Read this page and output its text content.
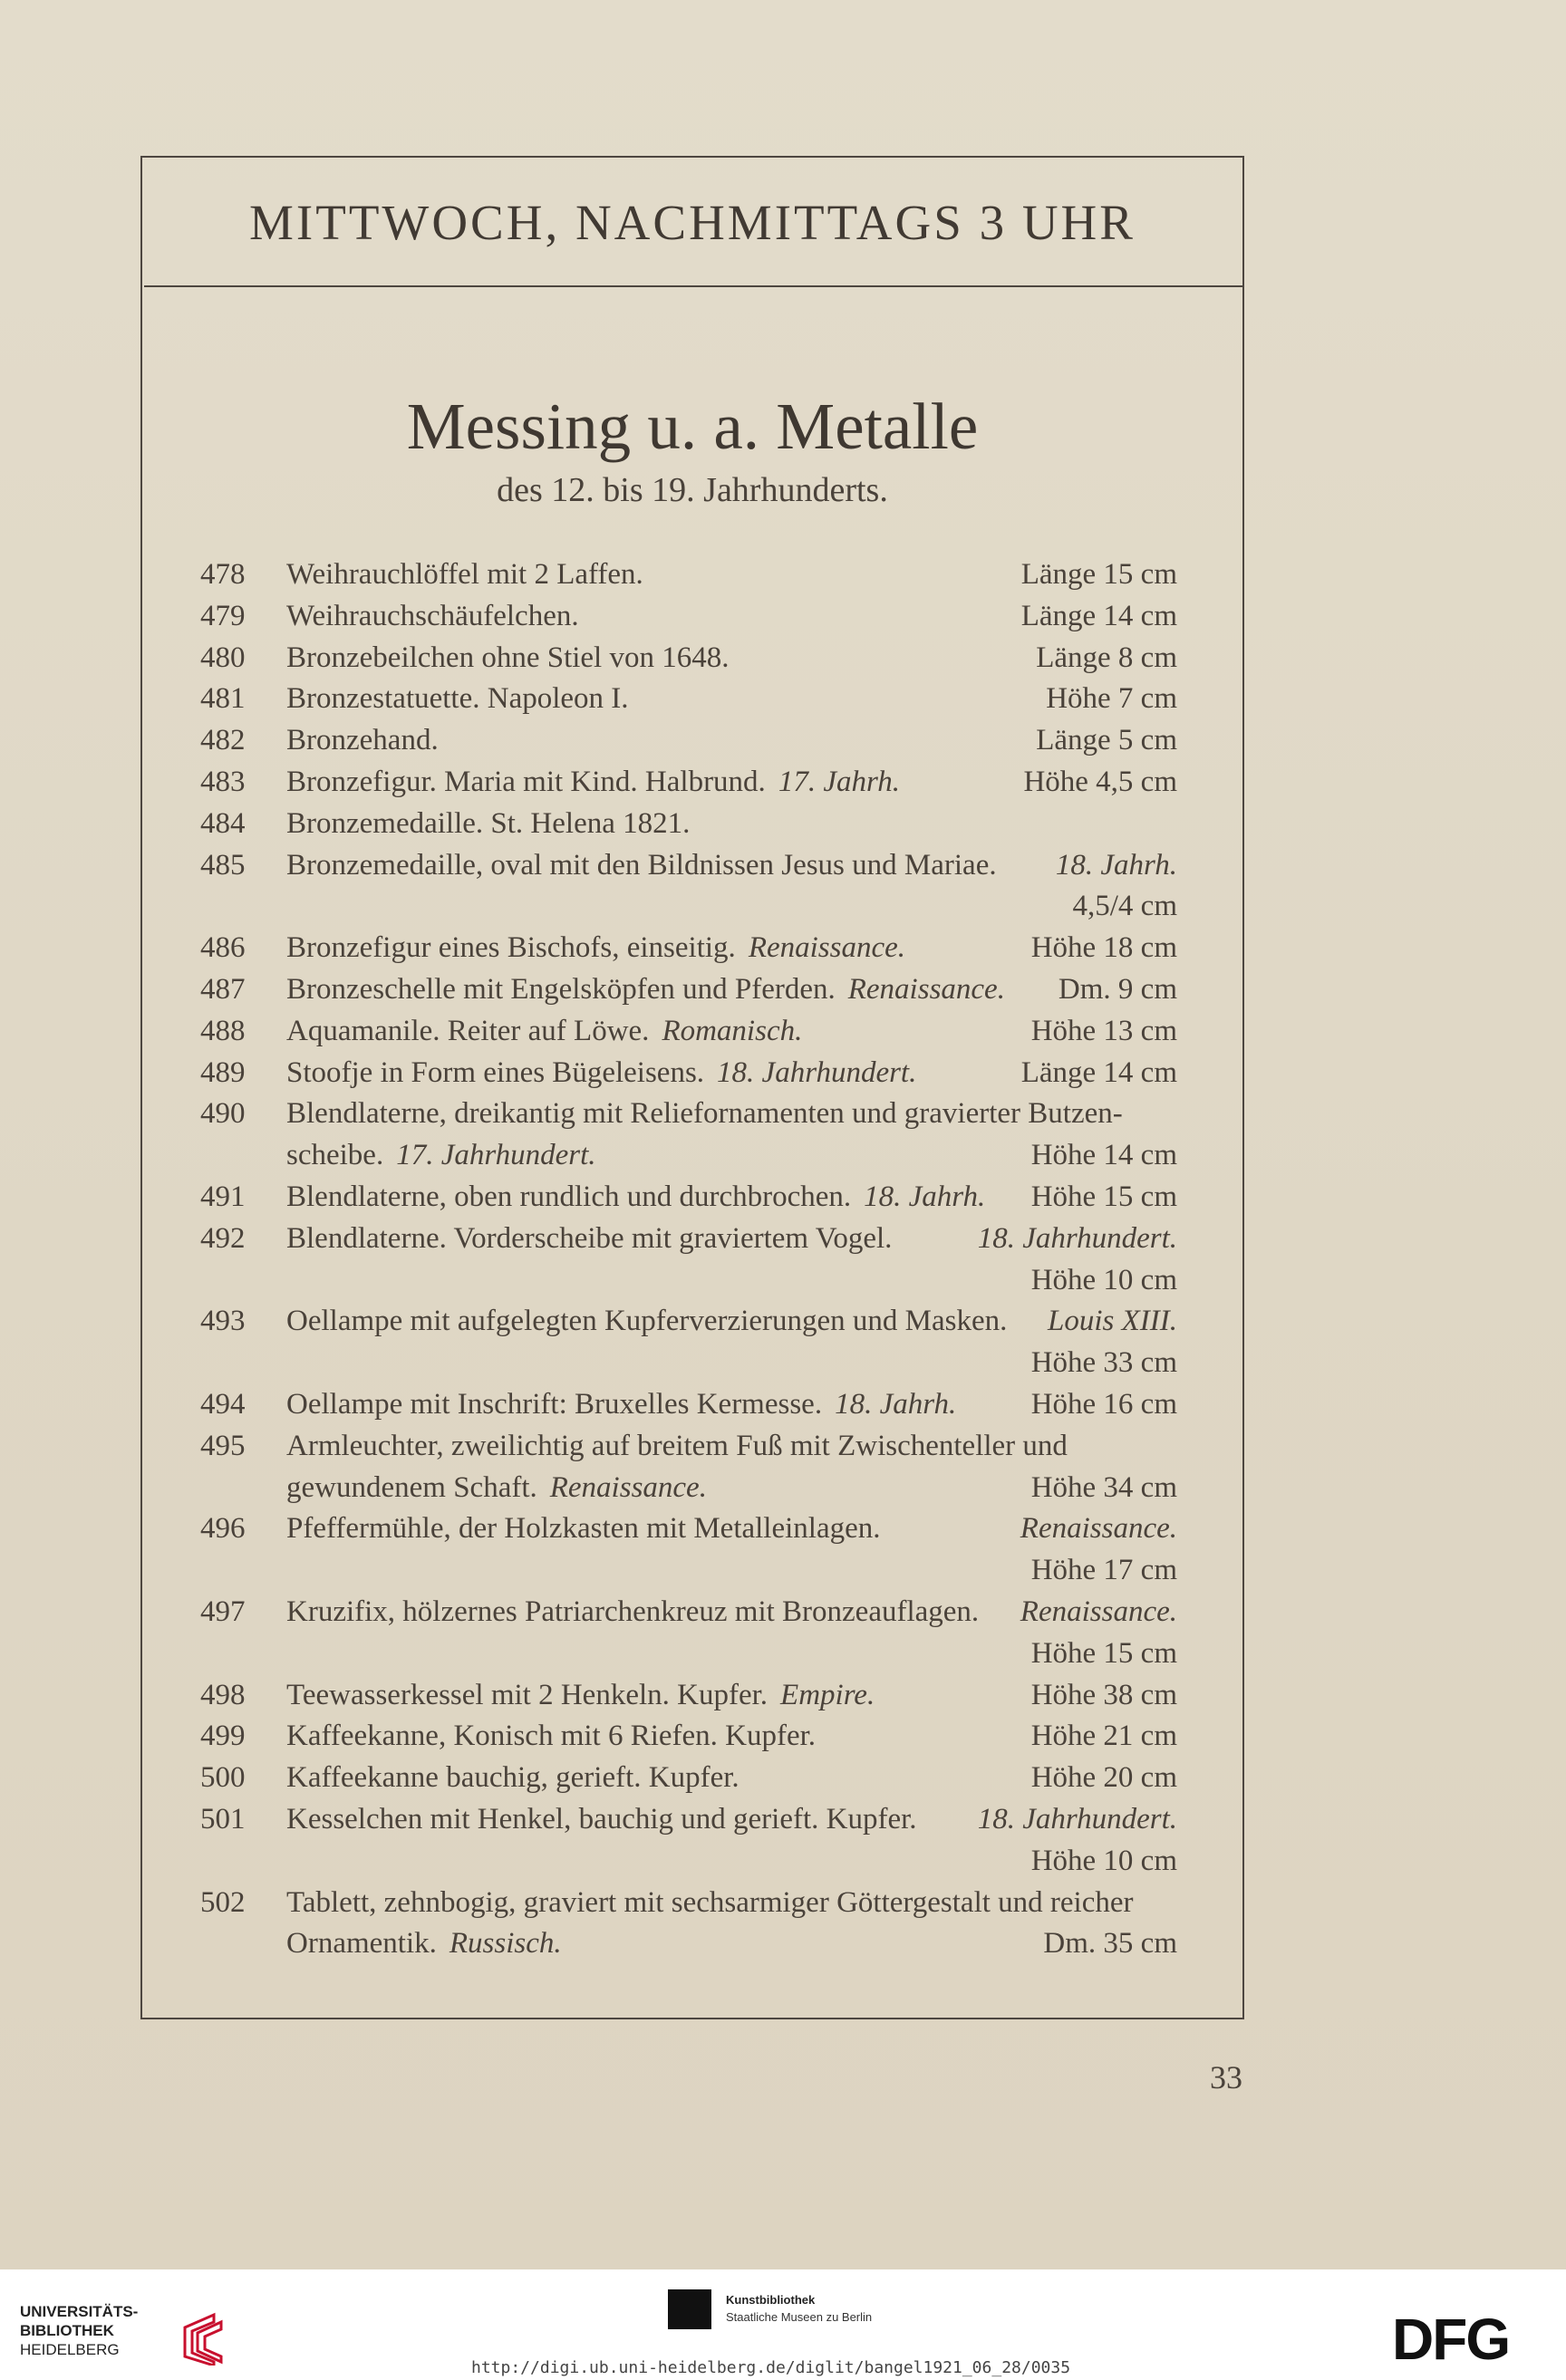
MITTWOCH, NACHMITTAGS 3 UHR
Messing u. a. Metalle
des 12. bis 19. Jahrhunderts.
478 Weihrauchlöffel mit 2 Laffen.	Länge 15 cm
479 Weihrauchschäufelchen.	Länge 14 cm
480 Bronzebeilchen ohne Stiel von 1648.	Länge 8 cm
481 Bronzestatuette. Napoleon I.	Höhe 7 cm
482 Bronzehand.	Länge 5 cm
483 Bronzefigur. Maria mit Kind. Halbrund. 17. Jahrh.	Höhe 4,5 cm
484 Bronzemedaille. St. Helena 1821.
485 Bronzemedaille, oval mit den Bildnissen Jesus und Mariae. 18. Jahrh.
4,5/4 cm
486 Bronzefigur eines Bischofs, einseitig. Renaissance.	Höhe 18 cm
487 Bronzeschelle mit Engelsköpfen und Pferden. Renaissance. Dm. 9 cm
488 Aquamanile. Reiter auf Löwe. Romanisch.	Höhe 13 cm
489 Stoofje in Form eines Bügeleisens. 18. Jahrhundert.	Länge 14 cm
490 Blendlaterne, dreikantig mit Reliefornamenten und gravierter Butzen-
scheibe. 17. Jahrhundert.	Höhe 14 cm
491 Blendlaterne, oben rundlich und durchbrochen. 18. Jahrh. Höhe 15 cm
492 Blendlaterne. Vorderscheibe mit graviertem Vogel.	18. Jahrhundert.
Höhe 10 cm
493 Oellampe mit aufgelegten Kupferverzierungen und Masken. Louis XIII.
Höhe 33 cm
494 Oellampe mit Inschrift: Bruxelles Kermesse. 18. Jahrh. Höhe 16 cm
495 Armleuchter, zweilichtig auf breitem Fuß mit Zwischenteller und
gewundenem Schaft. Renaissance.	Höhe 34 cm
496 Pfeffermühle, der Holzkasten mit Metalleinlagen.	Renaissance.
Höhe 17 cm
497 Kruzifix, hölzernes Patriarchenkreuz mit Bronzeauflagen. Renaissance.
Höhe 15 cm
498 Teewasserkessel mit 2 Henkeln. Kupfer. Empire.	Höhe 38 cm
499 Kaffeekanne, Konisch mit 6 Riefen. Kupfer.	Höhe 21 cm
500 Kaffeekanne bauchig, gerieft. Kupfer.	Höhe 20 cm
501 Kesselchen mit Henkel, bauchig und gerieft. Kupfer. 18. Jahrhundert.
Höhe 10 cm
502 Tablett, zehnbogig, graviert mit sechsarmiger Göttergestalt und reicher
Ornamentik. Russisch.	Dm. 35 cm
33
UNIVERSITÄTS-
BIBLIOTHEK
HEIDELBERG
Kunstbibliothek
Staatliche Museen zu Berlin	DFG
http://digi.ub.uni-heidelberg.de/diglit/bangel1921_06_28/0035
